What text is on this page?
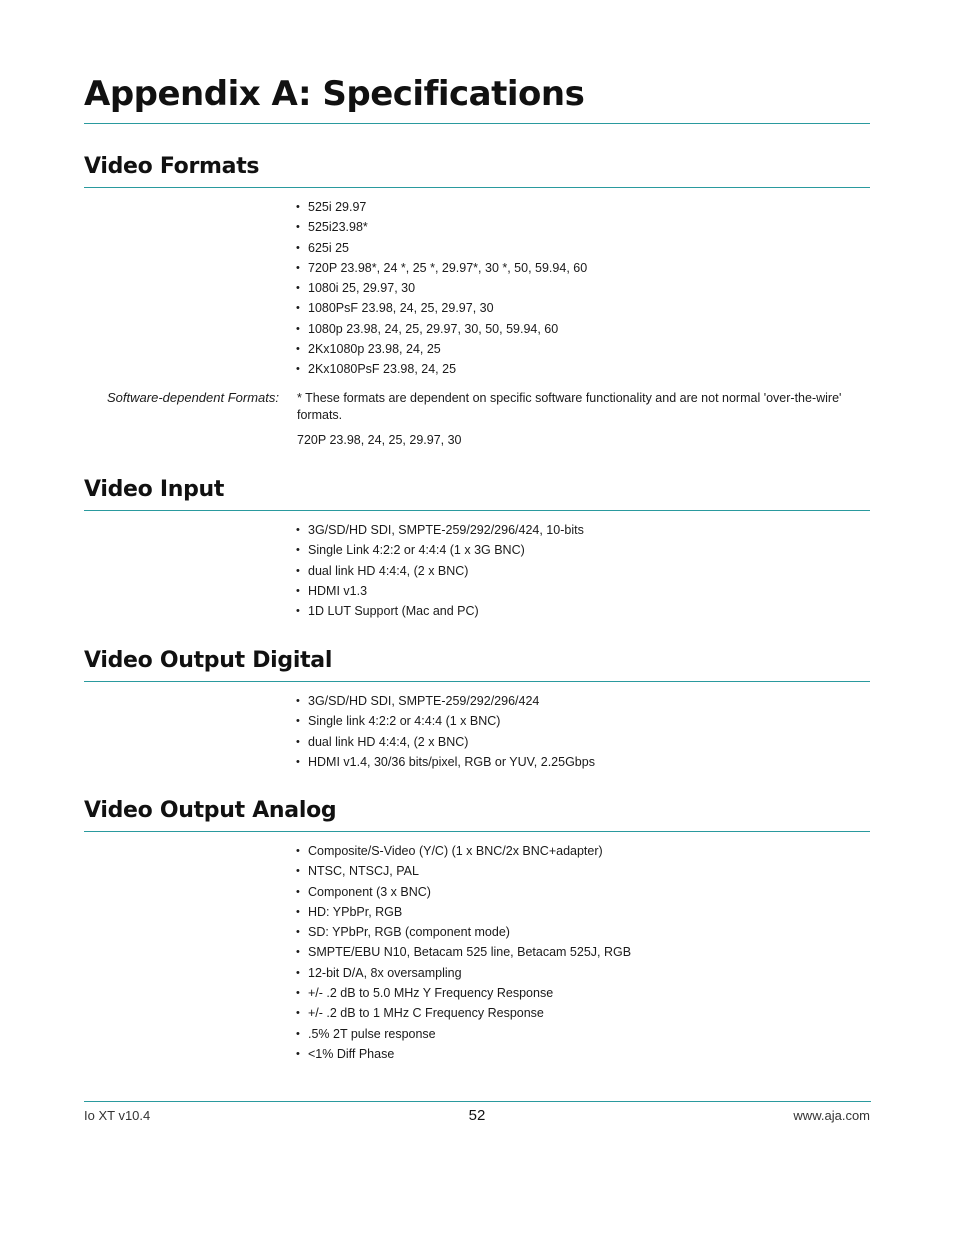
Appendix A: Specifications
Video Formats
• 525i 29.97
• 525i23.98*
• 625i 25
• 720P 23.98*, 24 *, 25 *, 29.97*, 30 *, 50, 59.94, 60
• 1080i 25, 29.97, 30
• 1080PsF 23.98, 24, 25, 29.97, 30
• 1080p 23.98, 24, 25, 29.97, 30, 50, 59.94, 60
• 2Kx1080p 23.98, 24, 25
• 2Kx1080PsF 23.98, 24, 25
Software-dependent Formats: * These formats are dependent on specific software functionality and are not normal 'over-the-wire' formats.

720P 23.98, 24, 25, 29.97, 30

Video Input
• 3G/SD/HD SDI, SMPTE-259/292/296/424, 10-bits
• Single Link 4:2:2 or 4:4:4 (1 x 3G BNC)
• dual link HD 4:4:4, (2 x BNC)
• HDMI v1.3
• 1D LUT Support (Mac and PC)
Video Output Digital
• 3G/SD/HD SDI, SMPTE-259/292/296/424
• Single link 4:2:2 or 4:4:4 (1 x BNC)
• dual link HD 4:4:4, (2 x BNC)
• HDMI v1.4, 30/36 bits/pixel, RGB or YUV, 2.25Gbps
Video Output Analog
• Composite/S-Video (Y/C) (1 x BNC/2x BNC+adapter)
• NTSC, NTSCJ, PAL
• Component (3 x BNC)
• HD: YPbPr, RGB
• SD: YPbPr, RGB (component mode)
• SMPTE/EBU N10, Betacam 525 line, Betacam 525J, RGB
• 12-bit D/A, 8x oversampling
• +/- .2 dB to 5.0 MHz Y Frequency Response
• +/- .2 dB to 1 MHz C Frequency Response
• .5% 2T pulse response
• <1% Diff Phase
Io XT v10.4	52	www.aja.com
